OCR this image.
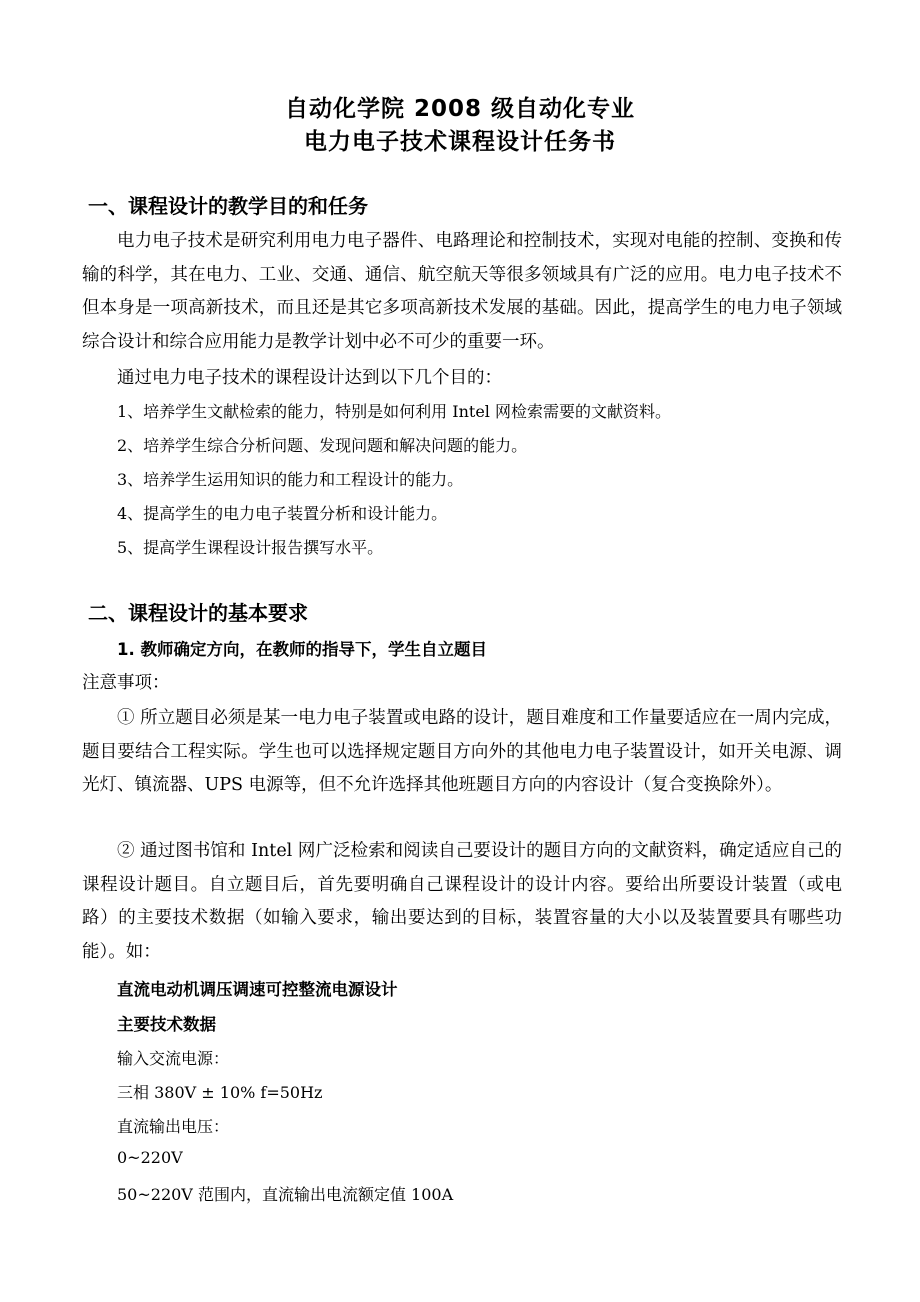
自动化学院 2008 级自动化专业
电力电子技术课程设计任务书
一、课程设计的教学目的和任务
电力电子技术是研究利用电力电子器件、电路理论和控制技术，实现对电能的控制、变换和传输的科学，其在电力、工业、交通、通信、航空航天等很多领域具有广泛的应用。电力电子技术不但本身是一项高新技术，而且还是其它多项高新技术发展的基础。因此，提高学生的电力电子领域综合设计和综合应用能力是教学计划中必不可少的重要一环。
通过电力电子技术的课程设计达到以下几个目的：
1、培养学生文献检索的能力，特别是如何利用 Intel 网检索需要的文献资料。
2、培养学生综合分析问题、发现问题和解决问题的能力。
3、培养学生运用知识的能力和工程设计的能力。
4、提高学生的电力电子装置分析和设计能力。
5、提高学生课程设计报告撰写水平。
二、课程设计的基本要求
1. 教师确定方向，在教师的指导下，学生自立题目
注意事项：
① 所立题目必须是某一电力电子装置或电路的设计，题目难度和工作量要适应在一周内完成，题目要结合工程实际。学生也可以选择规定题目方向外的其他电力电子装置设计，如开关电源、调光灯、镇流器、UPS 电源等，但不允许选择其他班题目方向的内容设计（复合变换除外）。
② 通过图书馆和 Intel 网广泛检索和阅读自己要设计的题目方向的文献资料，确定适应自己的课程设计题目。自立题目后，首先要明确自己课程设计的设计内容。要给出所要设计装置（或电路）的主要技术数据（如输入要求，输出要达到的目标，装置容量的大小以及装置要具有哪些功能）。如：
直流电动机调压调速可控整流电源设计
主要技术数据
输入交流电源：
三相 380V ± 10% f=50Hz
直流输出电压：
0~220V
50~220V 范围内，直流输出电流额定值 100A
